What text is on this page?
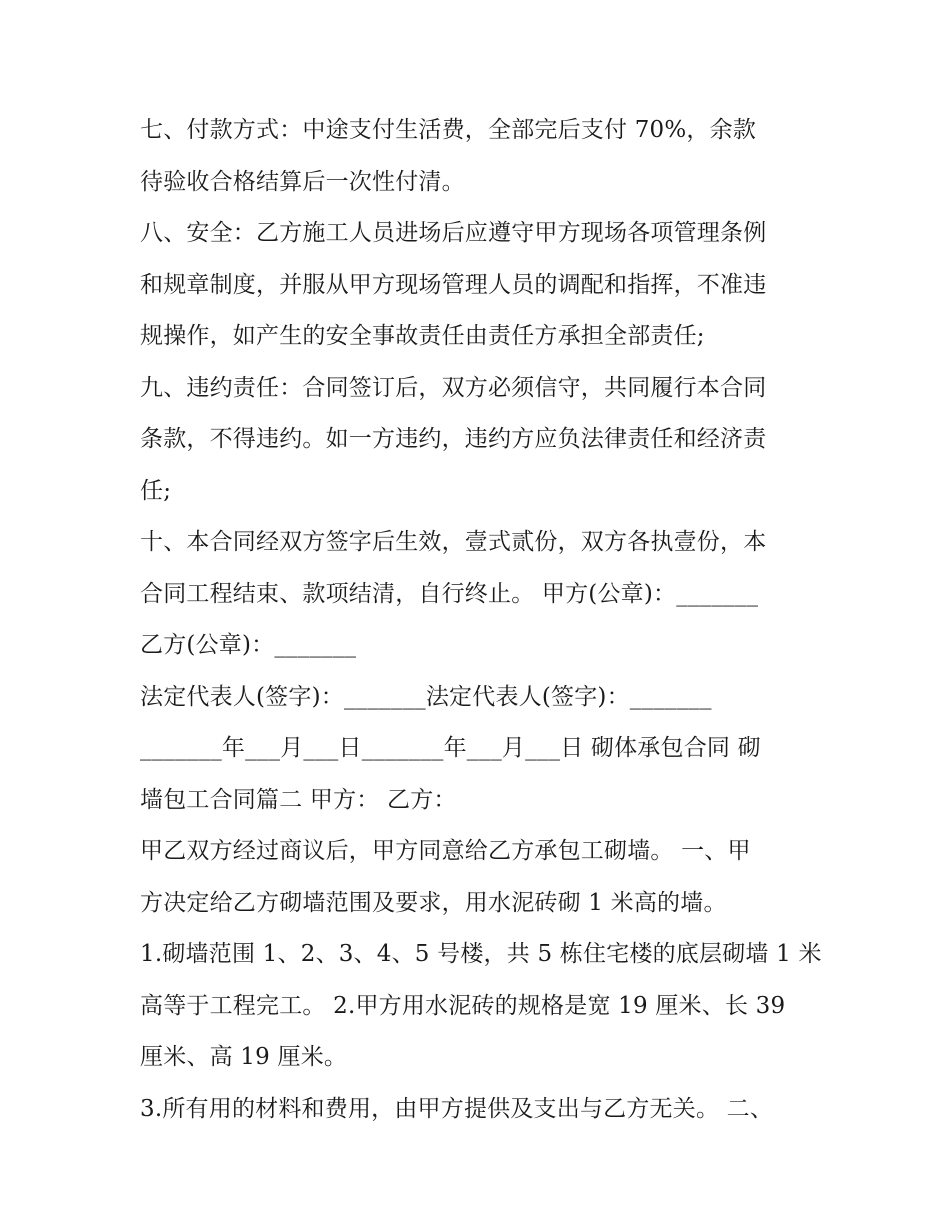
七、付款方式：中途支付生活费，全部完后支付 70%，余款
待验收合格结算后一次性付清。
八、安全：乙方施工人员进场后应遵守甲方现场各项管理条例
和规章制度，并服从甲方现场管理人员的调配和指挥，不准违
规操作，如产生的安全事故责任由责任方承担全部责任;
九、违约责任：合同签订后，双方必须信守，共同履行本合同
条款，不得违约。如一方违约，违约方应负法律责任和经济责
任;
十、本合同经双方签字后生效，壹式贰份，双方各执壹份，本
合同工程结束、款项结清，自行终止。 甲方(公章)：_______
乙方(公章)：_______
法定代表人(签字)：_______法定代表人(签字)：_______
_______年___月___日_______年___月___日 砌体承包合同 砌
墙包工合同篇二 甲方： 乙方：
甲乙双方经过商议后，甲方同意给乙方承包工砌墙。 一、甲
方决定给乙方砌墙范围及要求，用水泥砖砌 1 米高的墙。
1.砌墙范围 1、2、3、4、5 号楼，共 5 栋住宅楼的底层砌墙 1 米
高等于工程完工。 2.甲方用水泥砖的规格是宽 19 厘米、长 39
厘米、高 19 厘米。
3.所有用的材料和费用，由甲方提供及支出与乙方无关。 二、
